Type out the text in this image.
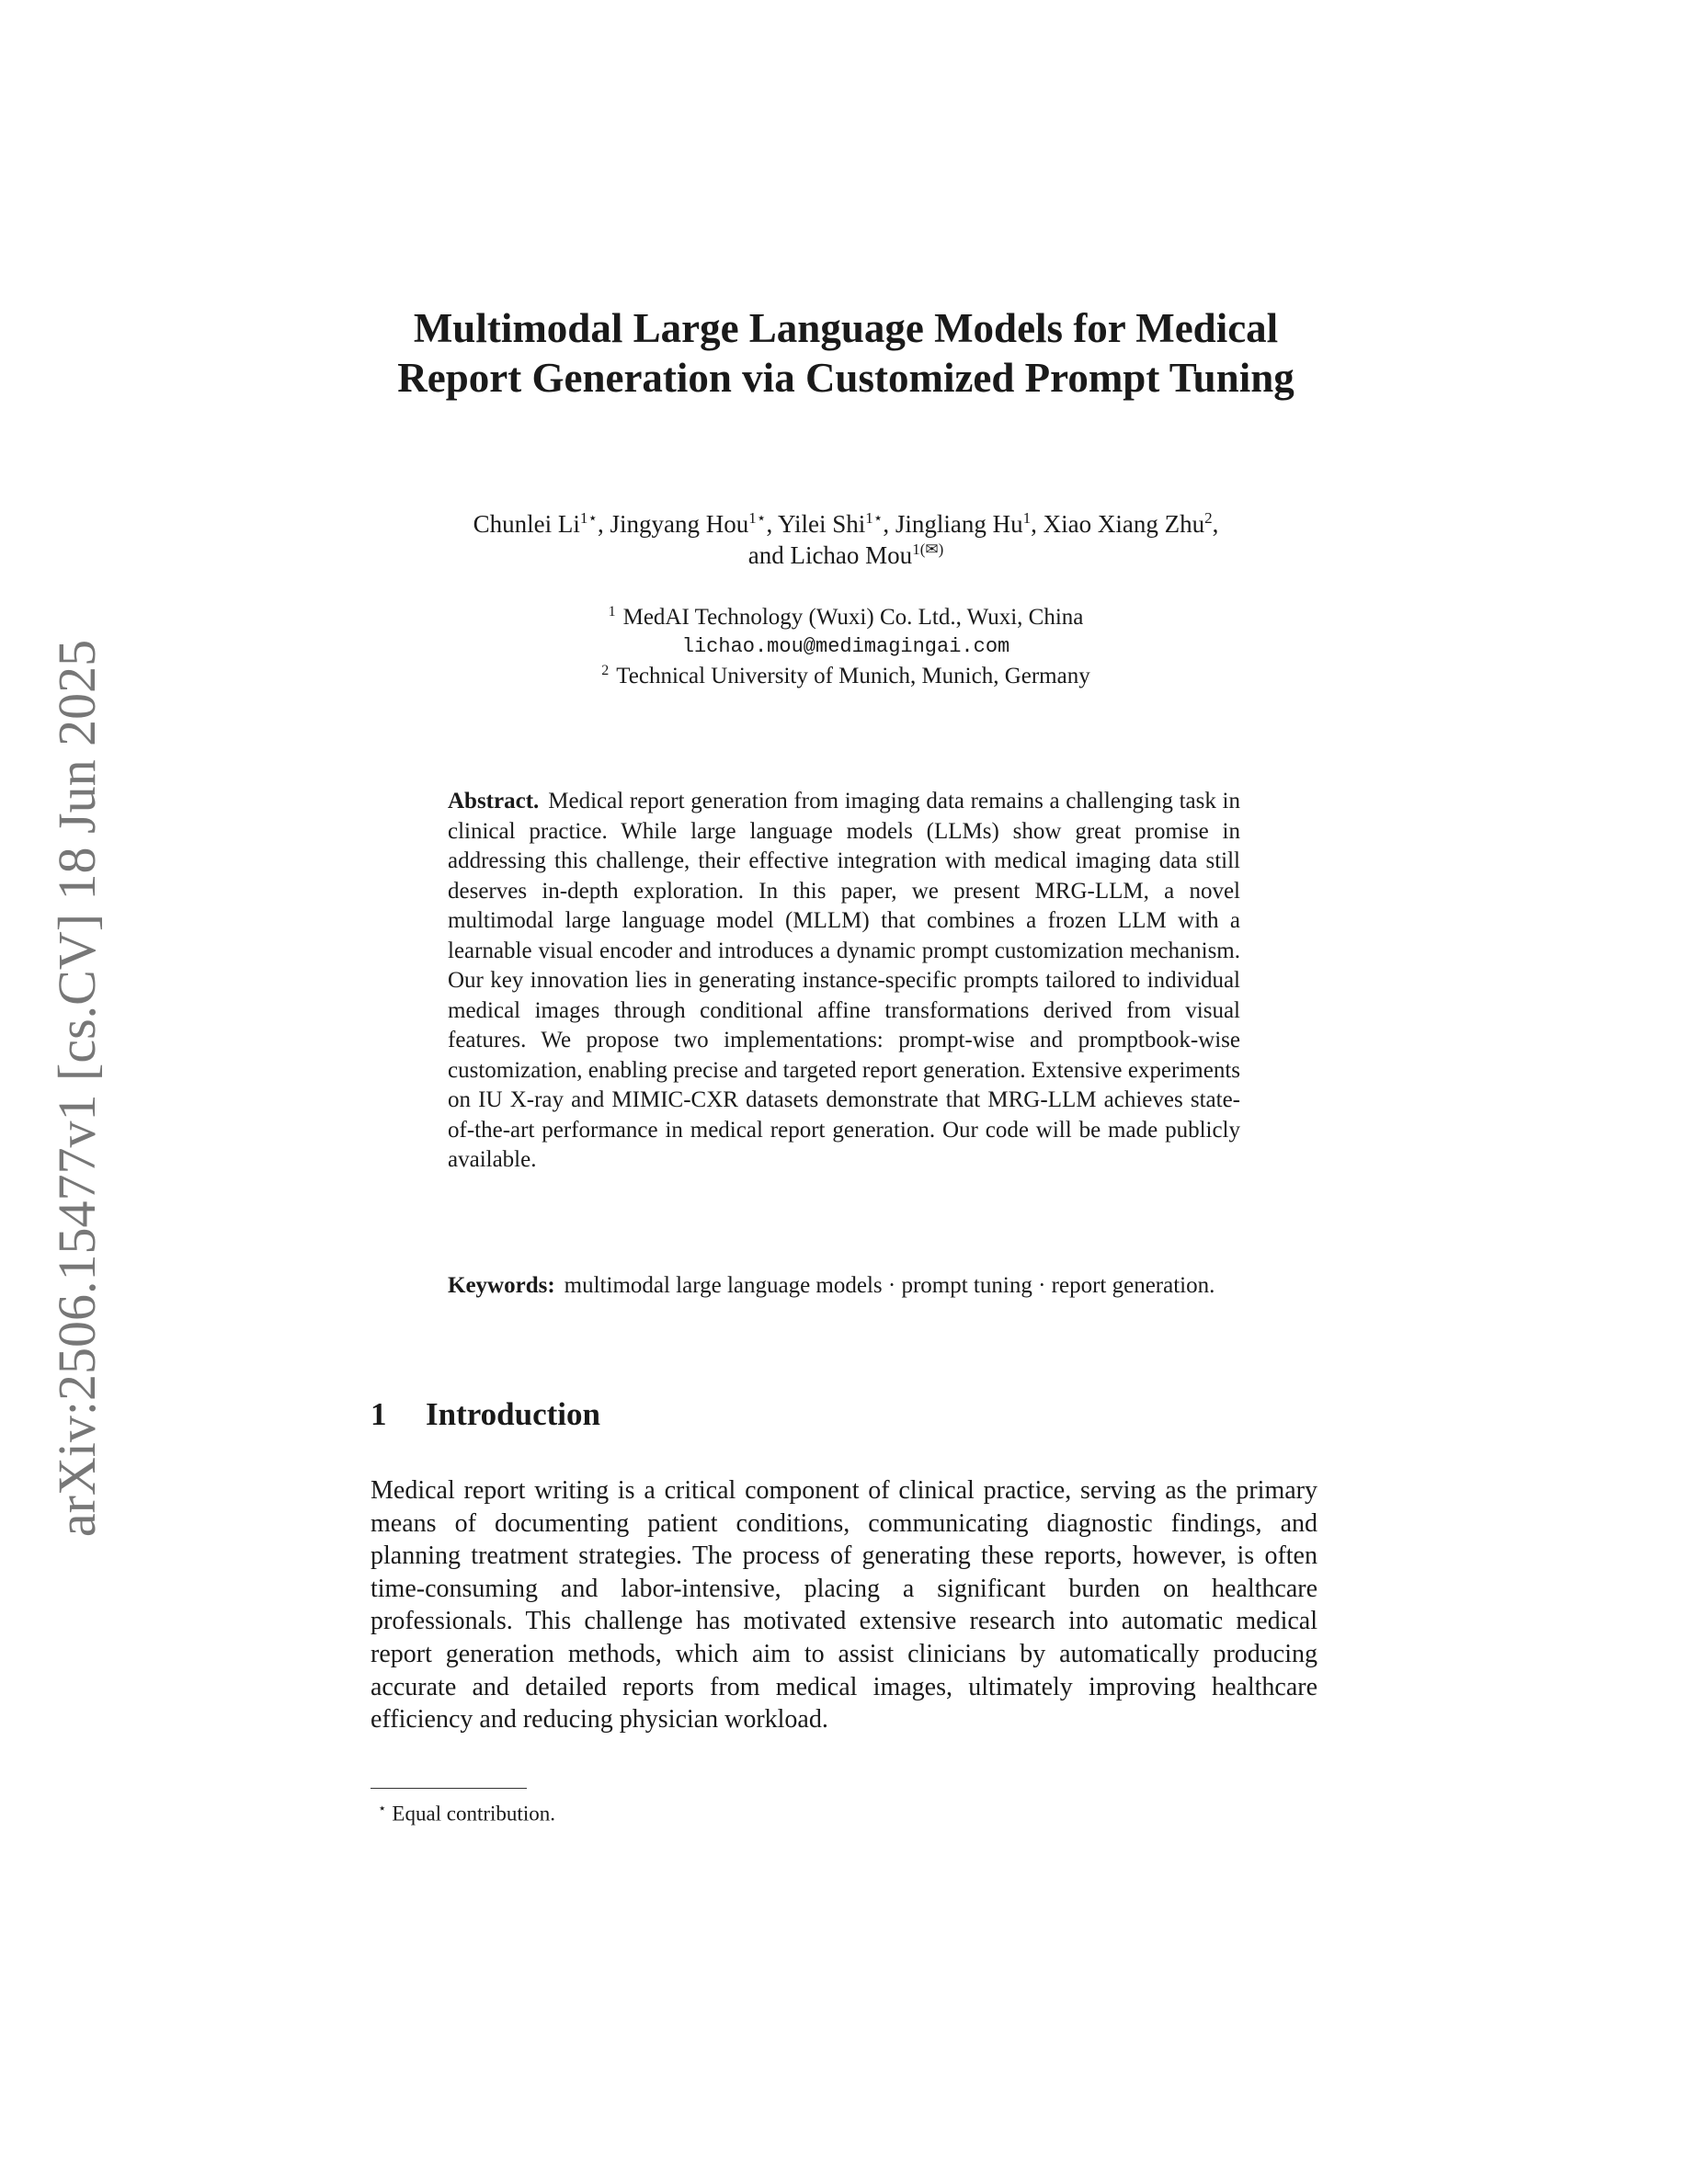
arXiv:2506.15477v1 [cs.CV] 18 Jun 2025
Multimodal Large Language Models for Medical Report Generation via Customized Prompt Tuning
Chunlei $Li^{1⋆}$, Jingyang Hou$^{1⋆}$, Yilei Shi$^{1⋆}$, Jingliang Hu$^1$, Xiao Xiang Zhu$^2$,
and Lichao Mou$^{1(✉)}$
$^1$ MedAI Technology (Wuxi) Co. Ltd., Wuxi, China
lichao.mou@medimagingai.com
$^2$ Technical University of Munich, Munich, Germany

Abstract. Medical report generation from imaging data remains a challenging task in clinical practice. While large language models (LLMs) show great promise in addressing this challenge, their effective integration with medical imaging data still deserves in-depth exploration. In this paper, we present MRG-LLM, a novel multimodal large language model (MLLM) that combines a frozen LLM with a learnable visual encoder and introduces a dynamic prompt customization mechanism. Our key innovation lies in generating instance-specific prompts tailored to individual medical images through conditional affine transformations derived from visual features. We propose two implementations: prompt-wise and promptbook-wise customization, enabling precise and targeted report generation. Extensive experiments on IU X-ray and MIMIC-CXR datasets demonstrate that MRG-LLM achieves state-of-the-art performance in medical report generation. Our code will be made publicly available.

Keywords: multimodal large language models · prompt tuning · report generation.

1 Introduction

Medical report writing is a critical component of clinical practice, serving as the primary means of documenting patient conditions, communicating diagnostic findings, and planning treatment strategies. The process of generating these reports, however, is often time-consuming and labor-intensive, placing a significant burden on healthcare professionals. This challenge has motivated extensive research into automatic medical report generation methods, which aim to assist clinicians by automatically producing accurate and detailed reports from medical images, ultimately improving healthcare efficiency and reducing physician workload.

⋆ Equal contribution.
